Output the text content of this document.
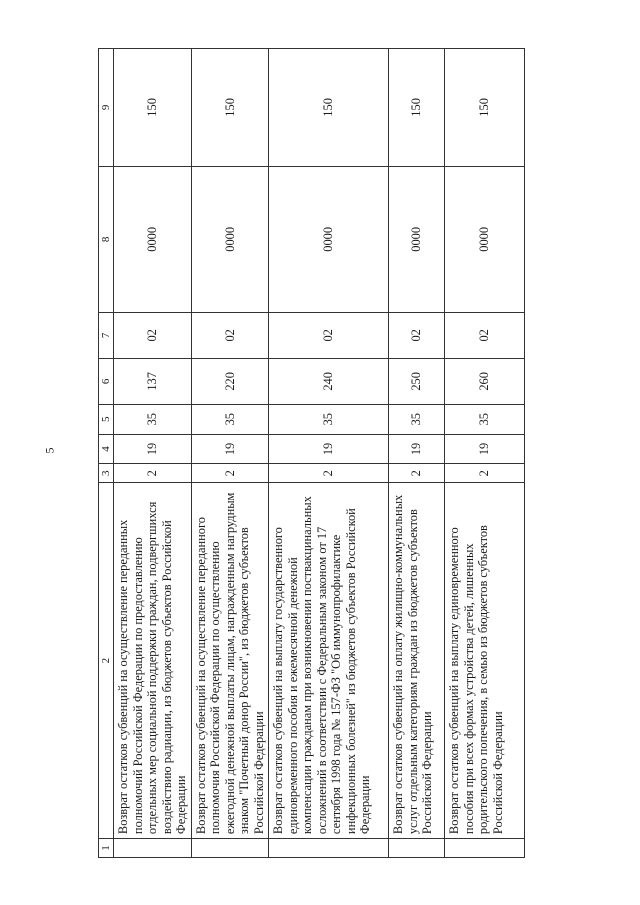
5
1	2	3	4	5	6	7	8	9
	Возврат остатков субвенций на осуществление переданных полномочий Российской Федерации по предоставлению отдельных мер социальной поддержки граждан, подвергшихся воздействию радиации, из бюджетов субъектов Российской Федерации	2	19	35	137	02	0000	150
	Возврат остатков субвенций на осуществление переданного полномочия Российской Федерации по осуществлению ежегодной денежной выплаты лицам, награжденным нагрудным знаком "Почетный донор России", из бюджетов субъектов Российской Федерации	2	19	35	220	02	0000	150
	Возврат остатков субвенций на выплату государственного единовременного пособия и ежемесячной денежной компенсации гражданам при возникновении поствакцинальных осложнений в соответствии с Федеральным законом от 17 сентября 1998 года № 157-ФЗ "Об иммунопрофилактике инфекционных болезней" из бюджетов субъектов Российской Федерации	2	19	35	240	02	0000	150
	Возврат остатков субвенций на оплату жилищно-коммунальных услуг отдельным категориям граждан из бюджетов субъектов Российской Федерации	2	19	35	250	02	0000	150
	Возврат остатков субвенций на выплату единовременного пособия при всех формах устройства детей, лишенных родительского попечения, в семью из бюджетов субъектов Российской Федерации	2	19	35	260	02	0000	150
